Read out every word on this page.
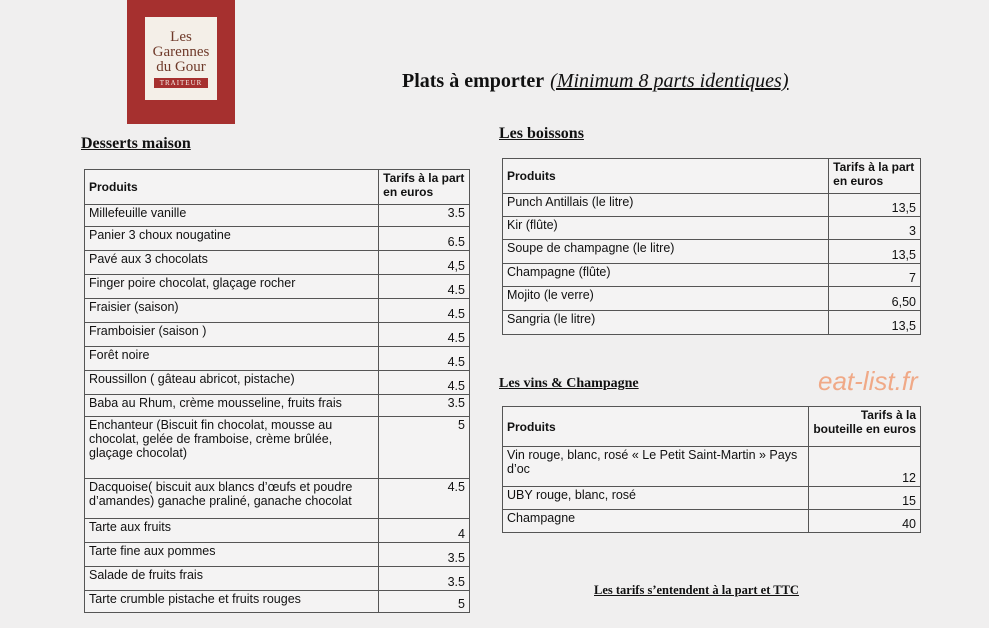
Les
Garennes
du Gour
TRAITEUR	Plats à emporter (Minimum 8 parts identiques)
Desserts maison
Produits	Tarifs à la part en euros
Millefeuille vanille	3.5
Panier 3 choux nougatine	6.5
Pavé aux 3 chocolats	4,5
Finger poire chocolat, glaçage rocher	4.5
Fraisier (saison)	4.5
Framboisier (saison )	4.5
Forêt noire	4.5
Roussillon ( gâteau abricot, pistache)	4.5
Baba au Rhum, crème mousseline, fruits frais	3.5
Enchanteur (Biscuit fin chocolat, mousse au chocolat, gelée de framboise, crème brûlée, glaçage chocolat)	5
Dacquoise( biscuit aux blancs d’œufs et poudre d’amandes) ganache praliné, ganache chocolat	4.5
Tarte aux fruits	4
Tarte fine aux pommes	3.5
Salade de fruits frais	3.5
Tarte crumble pistache et fruits rouges	5
Les boissons
Produits	Tarifs à la part en euros
Punch Antillais (le litre)	13,5
Kir (flûte)	3
Soupe de champagne (le litre)	13,5
Champagne (flûte)	7
Mojito (le verre)	6,50
Sangria (le litre)	13,5
Les vins & Champagne
Produits	Tarifs à la
bouteille en euros

Vin rouge, blanc, rosé « Le Petit Saint-Martin » Pays d’oc	12
UBY rouge, blanc, rosé	15
Champagne	40
eat-list.fr
Les tarifs s’entendent à la part et TTC
